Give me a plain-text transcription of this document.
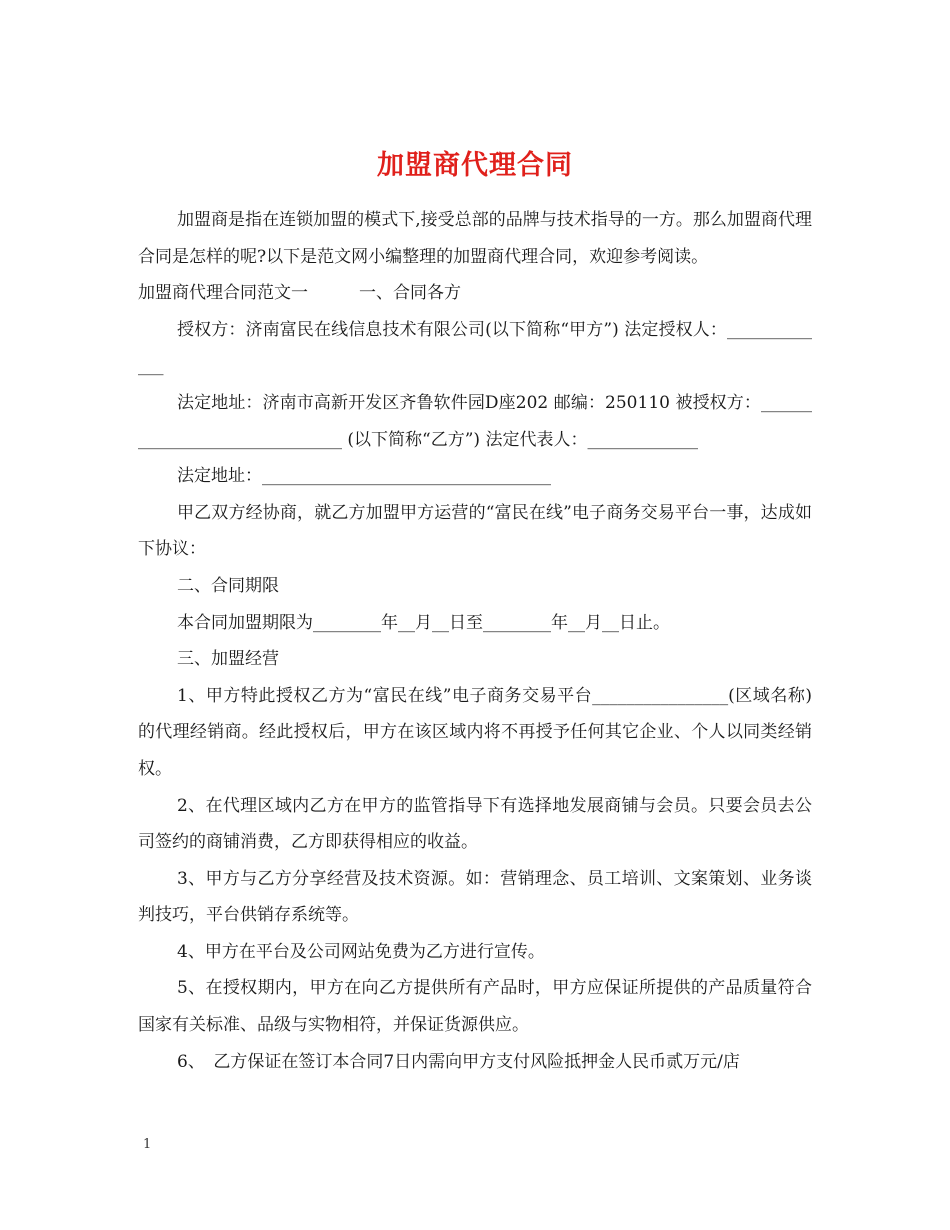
加盟商代理合同

加盟商是指在连锁加盟的模式下,接受总部的品牌与技术指导的一方。那么加盟商代理合同是怎样的呢?以下是范文网小编整理的加盟商代理合同，欢迎参考阅读。

加盟商代理合同范文一　　　一、合同各方

授权方：济南富民在线信息技术有限公司(以下简称“甲方”) 法定授权人：_____________

法定地址：济南市高新开发区齐鲁软件园D座202 邮编：250110 被授权方：______________________________ (以下简称“乙方”) 法定代表人：_____________

法定地址：__________________________________

甲乙双方经协商，就乙方加盟甲方运营的“富民在线”电子商务交易平台一事，达成如下协议：

二、合同期限

本合同加盟期限为________年__月__日至________年__月__日止。

三、加盟经营

1、甲方特此授权乙方为“富民在线”电子商务交易平台________________(区域名称)的代理经销商。经此授权后，甲方在该区域内将不再授予任何其它企业、个人以同类经销权。

2、在代理区域内乙方在甲方的监管指导下有选择地发展商铺与会员。只要会员去公司签约的商铺消费，乙方即获得相应的收益。

3、甲方与乙方分享经营及技术资源。如：营销理念、员工培训、文案策划、业务谈判技巧，平台供销存系统等。

4、甲方在平台及公司网站免费为乙方进行宣传。

5、在授权期内，甲方在向乙方提供所有产品时，甲方应保证所提供的产品质量符合国家有关标准、品级与实物相符，并保证货源供应。

6、　乙方保证在签订本合同7日内需向甲方支付风险抵押金人民币贰万元/店

1
